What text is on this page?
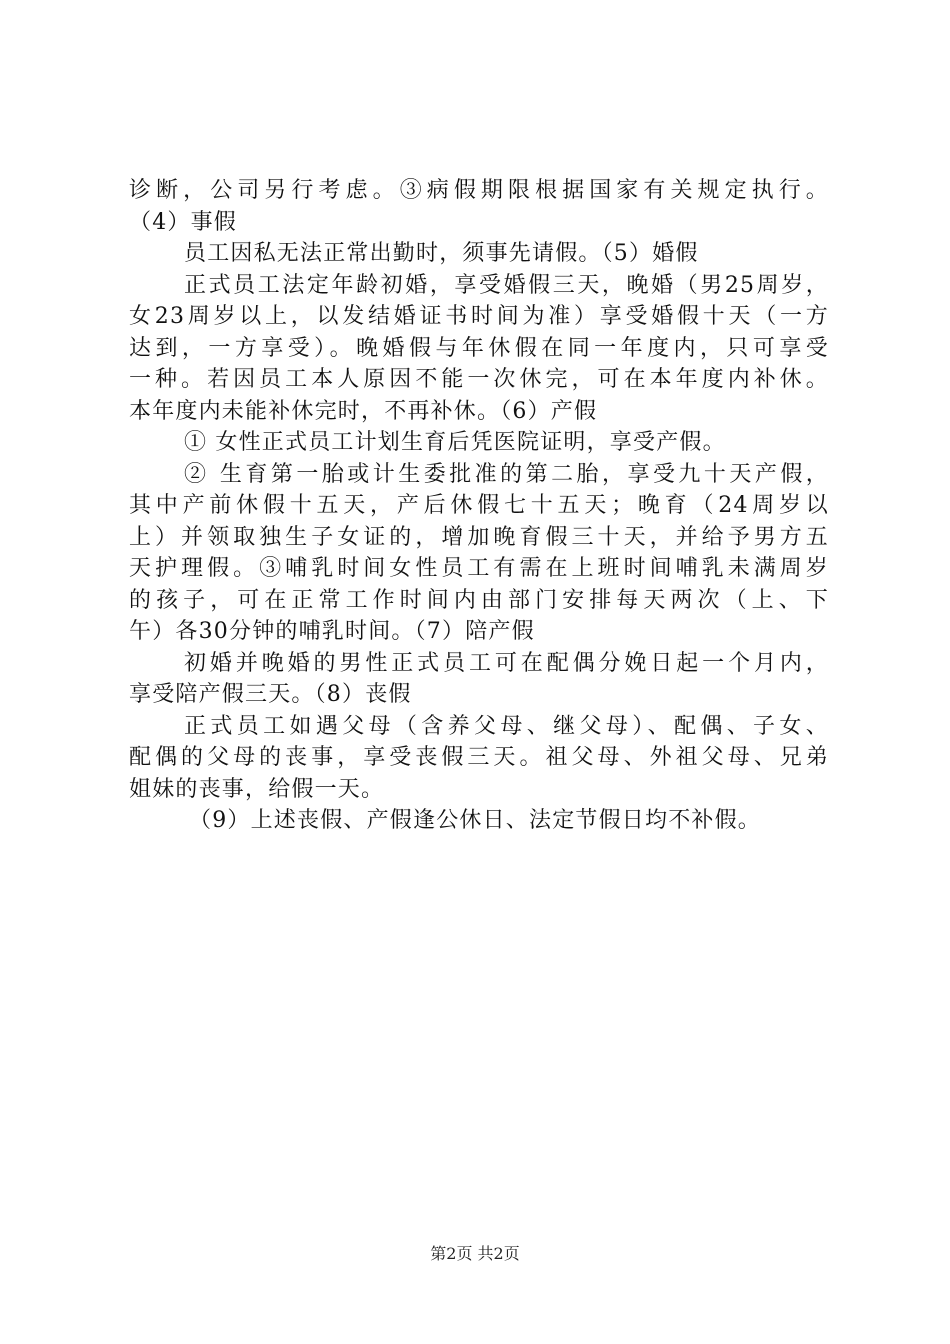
诊断，公司另行考虑。③病假期限根据国家有关规定执行。
（4）事假
员工因私无法正常出勤时，须事先请假。（5）婚假
正式员工法定年龄初婚，享受婚假三天，晚婚（男25周岁，
女23周岁以上，以发结婚证书时间为准）享受婚假十天（一方
达到，一方享受）。晚婚假与年休假在同一年度内，只可享受
一种。若因员工本人原因不能一次休完，可在本年度内补休。
本年度内未能补休完时，不再补休。（6）产假
① 女性正式员工计划生育后凭医院证明，享受产假。
② 生育第一胎或计生委批准的第二胎，享受九十天产假，
其中产前休假十五天，产后休假七十五天；晚育（24周岁以
上）并领取独生子女证的，增加晚育假三十天，并给予男方五
天护理假。③哺乳时间女性员工有需在上班时间哺乳未满周岁
的孩子，可在正常工作时间内由部门安排每天两次（上、下
午）各30分钟的哺乳时间。（7）陪产假
初婚并晚婚的男性正式员工可在配偶分娩日起一个月内，
享受陪产假三天。（8）丧假
正式员工如遇父母（含养父母、继父母）、配偶、子女、
配偶的父母的丧事，享受丧假三天。祖父母、外祖父母、兄弟
姐妹的丧事，给假一天。
（9）上述丧假、产假逢公休日、法定节假日均不补假。
第2页 共2页
